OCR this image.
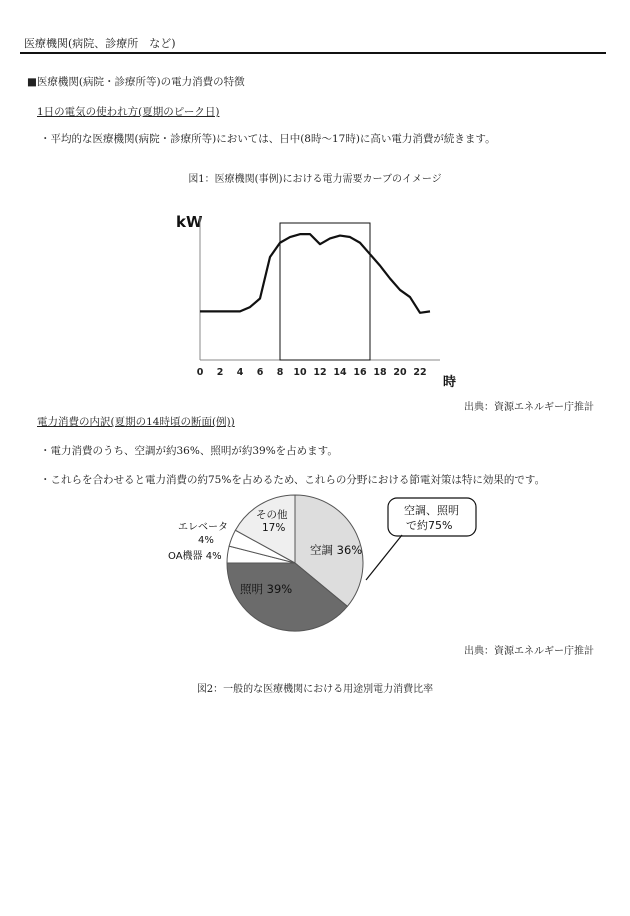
医療機関(病院、診療所　など)
■医療機関(病院・診療所等)の電力消費の特徴
1日の電気の使われ方(夏期のピーク日)
・平均的な医療機関(病院・診療所等)においては、日中(8時～17時)に高い電力消費が続きます。
図1：医療機関(事例)における電力需要カーブのイメージ
kW
0 2 4 6 8 10 12 14 16 18 20 22
時
出典：資源エネルギー庁推計
電力消費の内訳(夏期の14時頃の断面(例))
・電力消費のうち、空調が約36%、照明が約39%を占めます。
・これらを合わせると電力消費の約75%を占めるため、これらの分野における節電対策は特に効果的です。
空調 36%
照明 39%
その他
17%
エレベータ
4%
OA機器 4%
空調、照明
で約75%
出典：資源エネルギー庁推計
図2：一般的な医療機関における用途別電力消費比率
